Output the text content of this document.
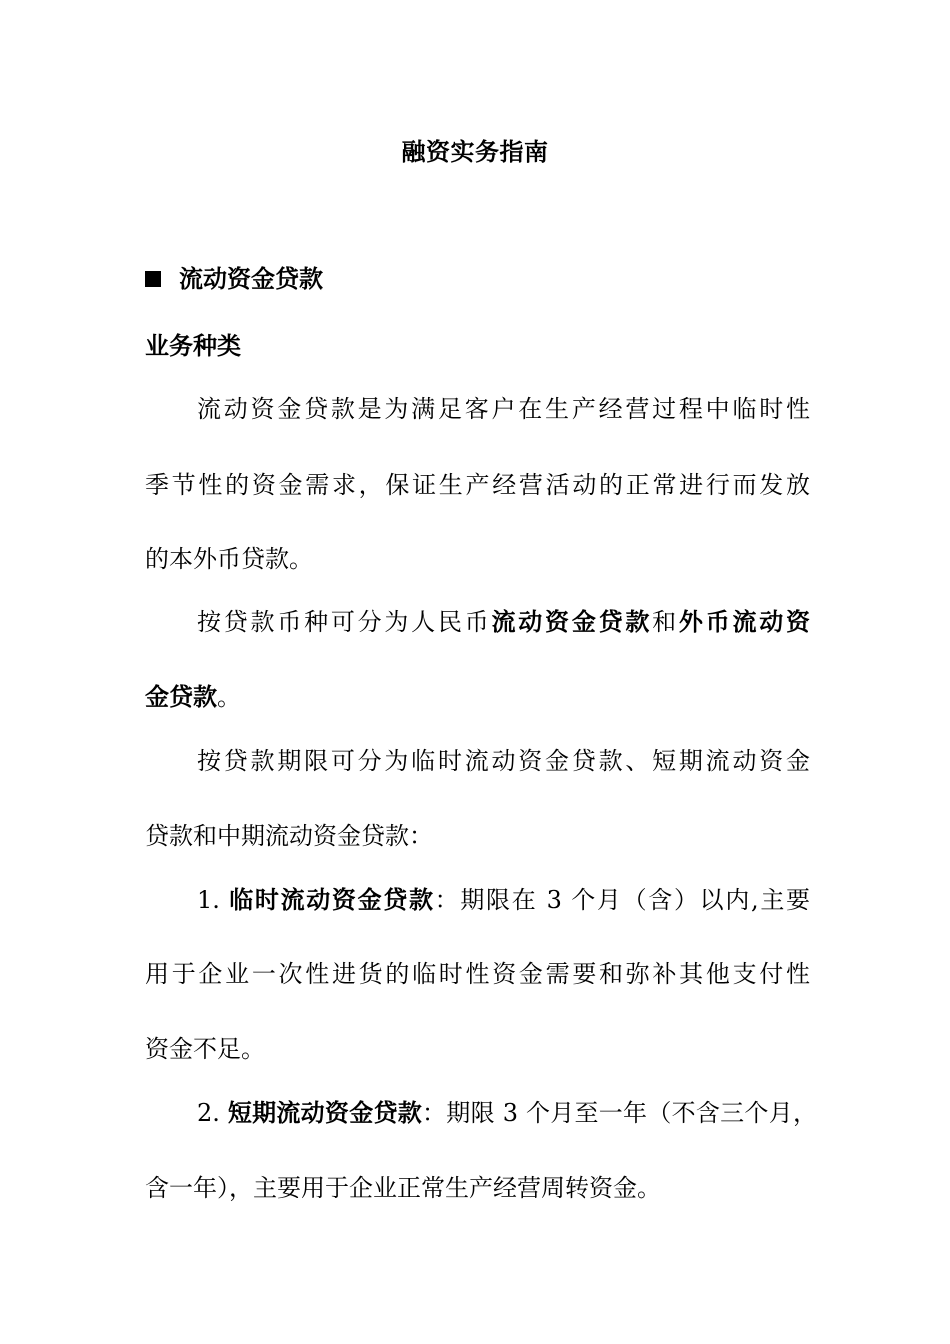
融资实务指南
流动资金贷款
业务种类
流动资金贷款是为满足客户在生产经营过程中临时性
季节性的资金需求，保证生产经营活动的正常进行而发放
的本外币贷款。
按贷款币种可分为人民币流动资金贷款和外币流动资
金贷款。
按贷款期限可分为临时流动资金贷款、短期流动资金
贷款和中期流动资金贷款：
1. 临时流动资金贷款：期限在 3 个月（含）以内,主要
用于企业一次性进货的临时性资金需要和弥补其他支付性
资金不足。
2. 短期流动资金贷款：期限 3 个月至一年（不含三个月，
含一年），主要用于企业正常生产经营周转资金。
